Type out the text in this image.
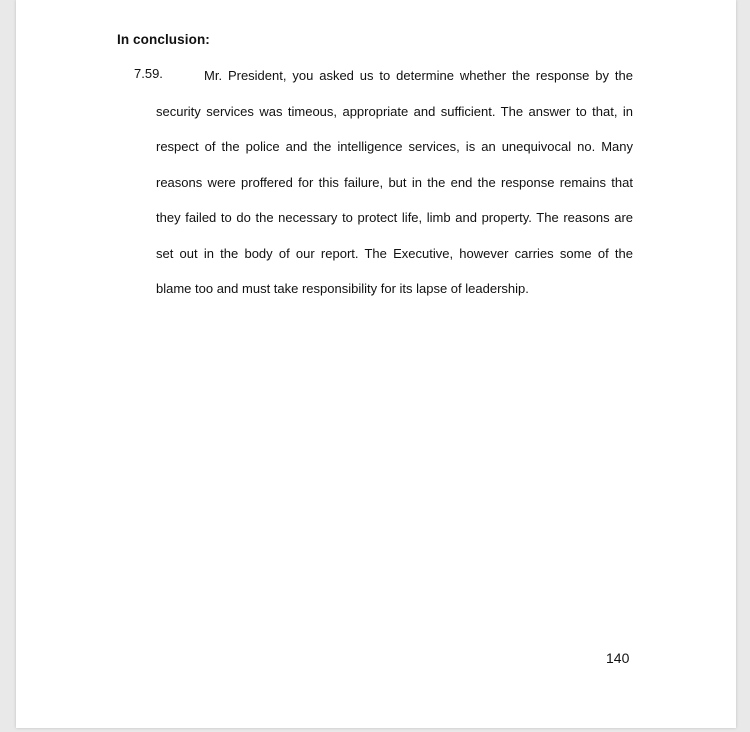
In conclusion:
7.59.	Mr. President, you asked us to determine whether the response by the security services was timeous, appropriate and sufficient. The answer to that, in respect of the police and the intelligence services, is an unequivocal no. Many reasons were proffered for this failure, but in the end the response remains that they failed to do the necessary to protect life, limb and property. The reasons are set out in the body of our report. The Executive, however carries some of the blame too and must take responsibility for its lapse of leadership.

140
